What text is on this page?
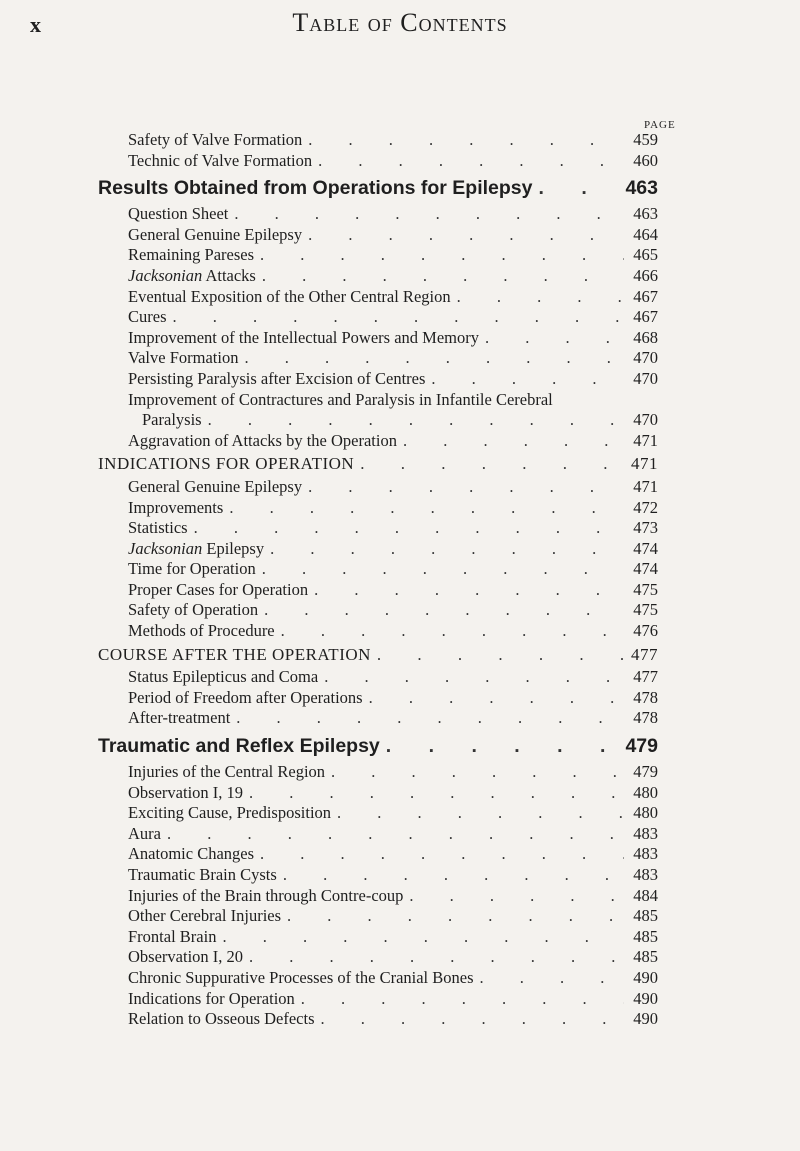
x	Table of Contents
PAGE
Safety of Valve Formation . . .	459
Technic of Valve Formation . . .	460
Results Obtained from Operations for Epilepsy . . .	463
Question Sheet . . .	463
General Genuine Epilepsy . . .	464
Remaining Pareses . . .	465
Jacksonian Attacks . . .	466
Eventual Exposition of the Other Central Region . . .	467
Cures . . .	467
Improvement of the Intellectual Powers and Memory . . .	468
Valve Formation . . .	470
Persisting Paralysis after Excision of Centres . . .	470
Improvement of Contractures and Paralysis in Infantile Cerebral
Paralysis . . .	470
Aggravation of Attacks by the Operation . . .	471
INDICATIONS FOR OPERATION . . .	471
General Genuine Epilepsy . . .	471
Improvements . . .	472
Statistics . . .	473
Jacksonian Epilepsy . . .	474
Time for Operation . . .	474
Proper Cases for Operation . . .	475
Safety of Operation . . .	475
Methods of Procedure . . .	476
COURSE AFTER THE OPERATION . . .	477
Status Epilepticus and Coma . . .	477
Period of Freedom after Operations . . .	478
After-treatment . . .	478
Traumatic and Reflex Epilepsy . . .	479
Injuries of the Central Region . . .	479
Observation I, 19 . . .	480
Exciting Cause, Predisposition . . .	480
Aura . . .	483
Anatomic Changes . . .	483
Traumatic Brain Cysts . . .	483
Injuries of the Brain through Contre-coup . . .	484
Other Cerebral Injuries . . .	485
Frontal Brain . . .	485
Observation I, 20 . . .	485
Chronic Suppurative Processes of the Cranial Bones . . .	490
Indications for Operation . . .	490
Relation to Osseous Defects . . .	490
